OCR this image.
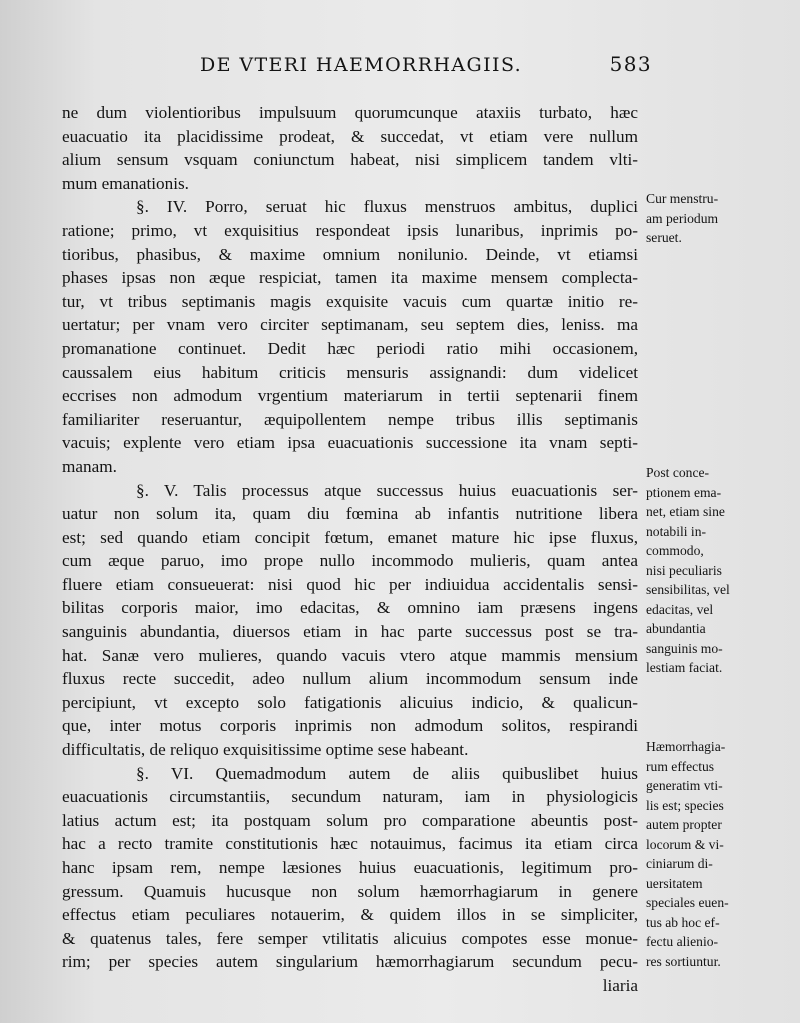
DE VTERI HAEMORRHAGIIS.	583
ne dum violentioribus impulsuum quorumcunque ataxiis turbato, hæc
euacuatio ita placidissime prodeat, & succedat, vt etiam vere nullum
alium sensum vsquam coniunctum habeat, nisi simplicem tandem vlti-
mum emanationis.
§. IV. Porro, seruat hic fluxus menstruos ambitus, duplici
ratione; primo, vt exquisitius respondeat ipsis lunaribus, inprimis po-
tioribus, phasibus, & maxime omnium nonilunio. Deinde, vt etiamsi
phases ipsas non æque respiciat, tamen ita maxime mensem complecta-
tur, vt tribus septimanis magis exquisite vacuis cum quartæ initio re-
uertatur; per vnam vero circiter septimanam, seu septem dies, leniss. ma
promanatione continuet. Dedit hæc periodi ratio mihi occasionem,
caussalem eius habitum criticis mensuris assignandi: dum videlicet
eccrises non admodum vrgentium materiarum in tertii septenarii finem
familiariter reseruantur, æquipollentem nempe tribus illis septimanis
vacuis; explente vero etiam ipsa euacuationis successione ita vnam septi-
manam.
§. V. Talis processus atque successus huius euacuationis ser-
uatur non solum ita, quam diu fœmina ab infantis nutritione libera
est; sed quando etiam concipit fœtum, emanet mature hic ipse fluxus,
cum æque paruo, imo prope nullo incommodo mulieris, quam antea
fluere etiam consueuerat: nisi quod hic per indiuidua accidentalis sensi-
bilitas corporis maior, imo edacitas, & omnino iam præsens ingens
sanguinis abundantia, diuersos etiam in hac parte successus post se tra-
hat. Sanæ vero mulieres, quando vacuis vtero atque mammis mensium
fluxus recte succedit, adeo nullum alium incommodum sensum inde
percipiunt, vt excepto solo fatigationis alicuius indicio, & qualicun-
que, inter motus corporis inprimis non admodum solitos, respirandi
difficultatis, de reliquo exquisitissime optime sese habeant.
§. VI. Quemadmodum autem de aliis quibuslibet huius
euacuationis circumstantiis, secundum naturam, iam in physiologicis
latius actum est; ita postquam solum pro comparatione abeuntis post-
hac a recto tramite constitutionis hæc notauimus, facimus ita etiam circa
hanc ipsam rem, nempe læsiones huius euacuationis, legitimum pro-
gressum. Quamuis hucusque non solum hæmorrhagiarum in genere
effectus etiam peculiares notauerim, & quidem illos in se simpliciter,
& quatenus tales, fere semper vtilitatis alicuius compotes esse monue-
rim; per species autem singularium hæmorrhagiarum secundum pecu-
liaria
Cur menstru-
am periodum
seruet.
Post conce-
ptionem ema-
net, etiam sine
notabili in-
commodo,
nisi peculiaris
sensibilitas, vel
edacitas, vel
abundantia
sanguinis mo-
lestiam faciat.
Hæmorrhagia-
rum effectus
generatim vti-
lis est; species
autem propter
locorum & vi-
ciniarum di-
uersitatem
speciales euen-
tus ab hoc ef-
fectu alienio-
res sortiuntur.
